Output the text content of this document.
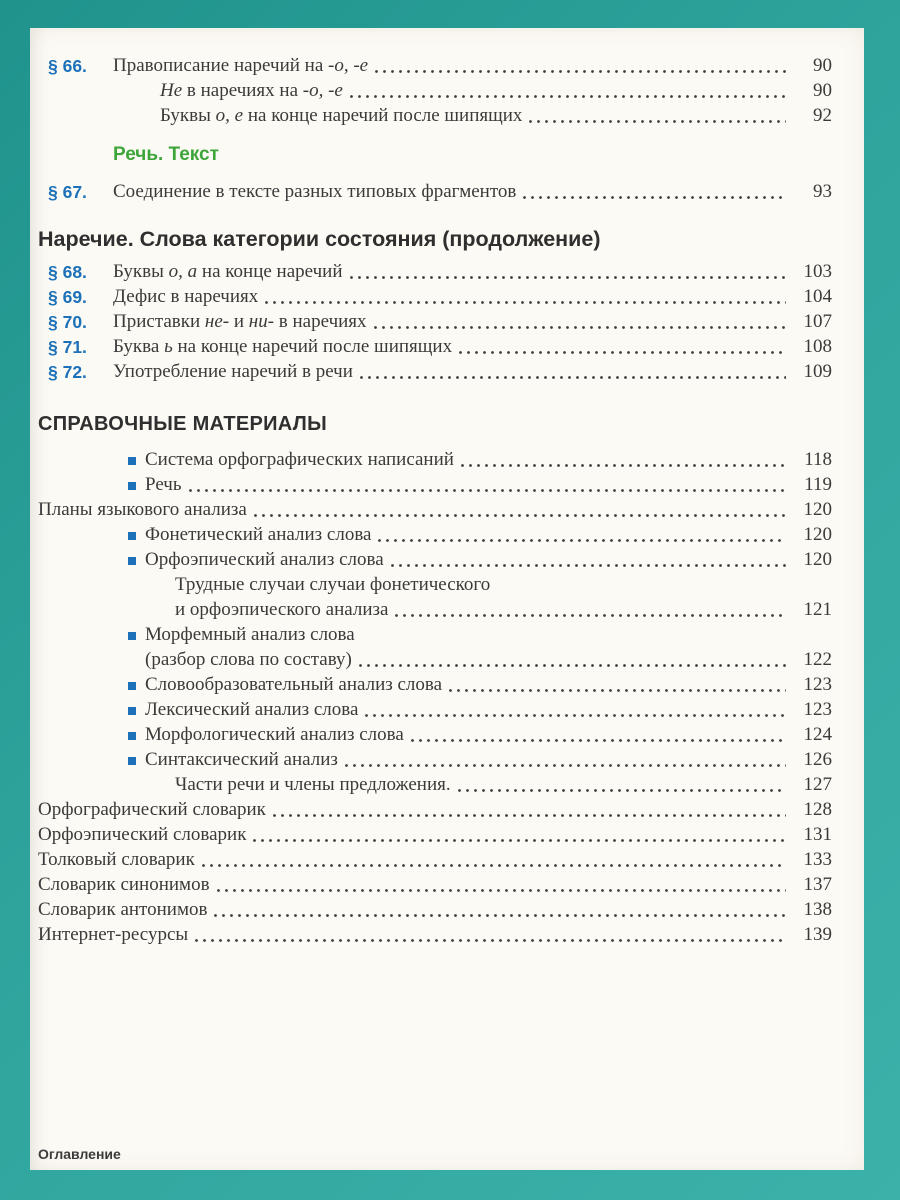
§ 66.	Правописание наречий на -о, -е	90
Не в наречиях на -о, -е	90
Буквы о, е на конце наречий после шипящих	92
Речь. Текст
§ 67.	Соединение в тексте разных типовых фрагментов	93
Наречие. Слова категории состояния (продолжение)
§ 68.	Буквы о, а на конце наречий	103
§ 69.	Дефис в наречиях	104
§ 70.	Приставки не- и ни- в наречиях	107
§ 71.	Буква ь на конце наречий после шипящих	108
§ 72.	Употребление наречий в речи	109
СПРАВОЧНЫЕ МАТЕРИАЛЫ
Система орфографических написаний	118
Речь	119
Планы языкового анализа	120
Фонетический анализ слова	120
Орфоэпический анализ слова	120
Трудные случаи случаи фонетического
и орфоэпического анализа	121
Морфемный анализ слова
(разбор слова по составу)	122
Словообразовательный анализ слова	123
Лексический анализ слова	123
Морфологический анализ слова	124
Синтаксический анализ	126
Части речи и члены предложения.	127
Орфографический словарик	128
Орфоэпический словарик	131
Толковый словарик	133
Словарик синонимов	137
Словарик антонимов	138
Интернет-ресурсы	139
Оглавление
